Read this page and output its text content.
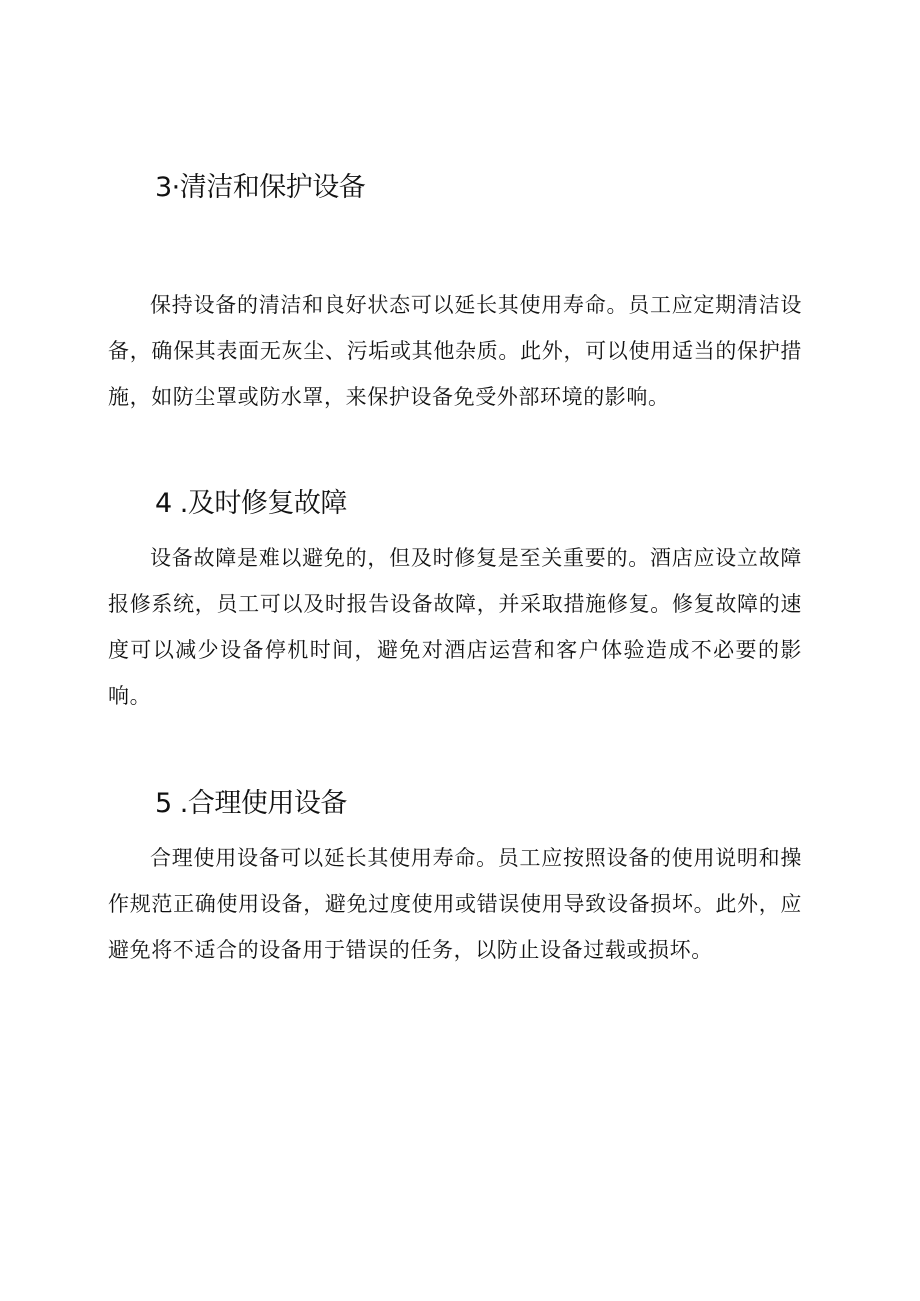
3·清洁和保护设备

保持设备的清洁和良好状态可以延长其使用寿命。员工应定期清洁设备，确保其表面无灰尘、污垢或其他杂质。此外，可以使用适当的保护措施，如防尘罩或防水罩，来保护设备免受外部环境的影响。

4 .及时修复故障

设备故障是难以避免的，但及时修复是至关重要的。酒店应设立故障报修系统，员工可以及时报告设备故障，并采取措施修复。修复故障的速度可以减少设备停机时间，避免对酒店运营和客户体验造成不必要的影响。

5 .合理使用设备

合理使用设备可以延长其使用寿命。员工应按照设备的使用说明和操作规范正确使用设备，避免过度使用或错误使用导致设备损坏。此外，应避免将不适合的设备用于错误的任务，以防止设备过载或损坏。
